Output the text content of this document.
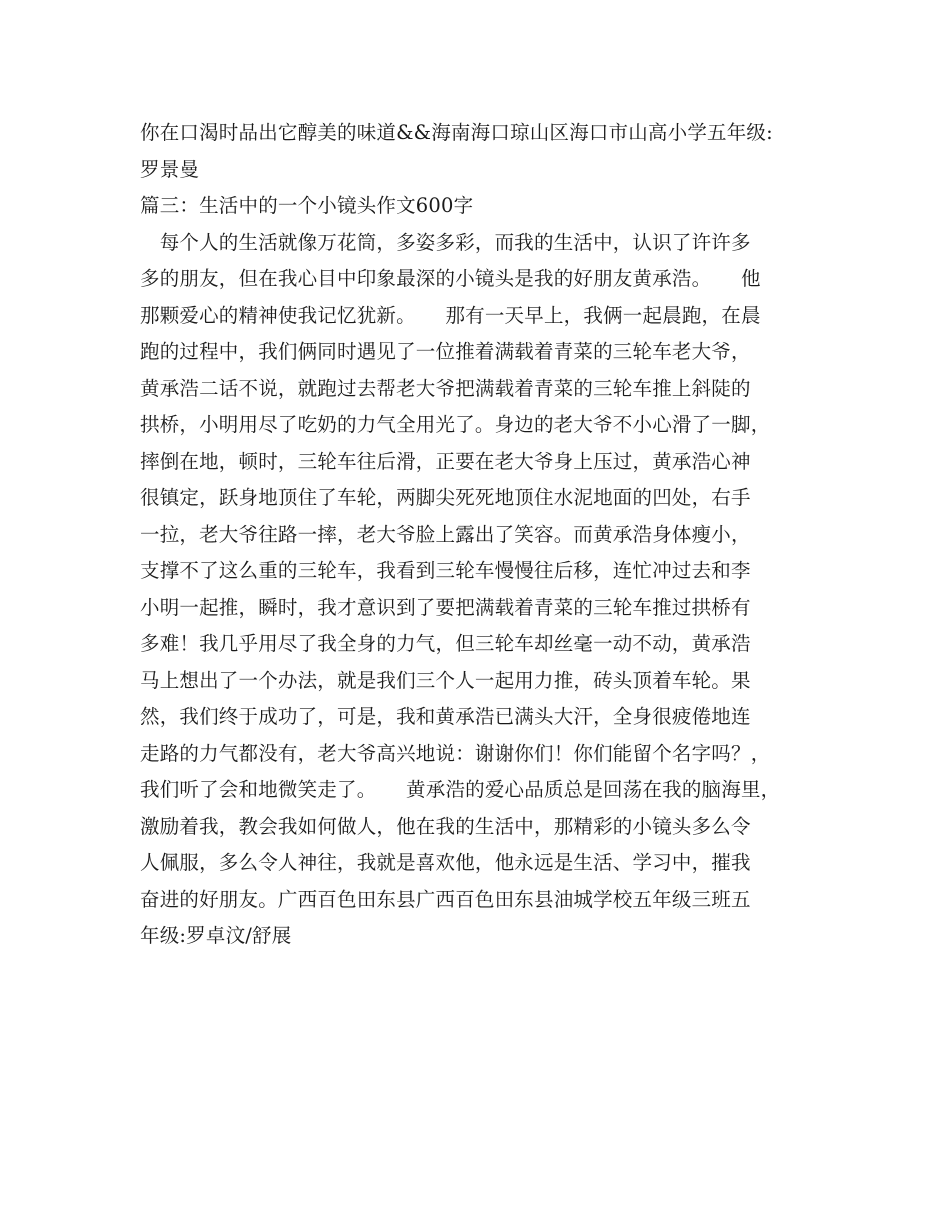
你在口渴时品出它醇美的味道&&海南海口琼山区海口市山高小学五年级:
罗景曼
篇三：生活中的一个小镜头作文600字
　每个人的生活就像万花筒，多姿多彩，而我的生活中，认识了许许多
多的朋友，但在我心目中印象最深的小镜头是我的好朋友黄承浩。　　他
那颗爱心的精神使我记忆犹新。　　那有一天早上，我俩一起晨跑，在晨
跑的过程中，我们俩同时遇见了一位推着满载着青菜的三轮车老大爷，
黄承浩二话不说，就跑过去帮老大爷把满载着青菜的三轮车推上斜陡的
拱桥，小明用尽了吃奶的力气全用光了。身边的老大爷不小心滑了一脚，
摔倒在地，顿时，三轮车往后滑，正要在老大爷身上压过，黄承浩心神
很镇定，跃身地顶住了车轮，两脚尖死死地顶住水泥地面的凹处，右手
一拉，老大爷往路一摔，老大爷脸上露出了笑容。而黄承浩身体瘦小，
支撑不了这么重的三轮车，我看到三轮车慢慢往后移，连忙冲过去和李
小明一起推，瞬时，我才意识到了要把满载着青菜的三轮车推过拱桥有
多难！我几乎用尽了我全身的力气，但三轮车却丝毫一动不动，黄承浩
马上想出了一个办法，就是我们三个人一起用力推，砖头顶着车轮。果
然，我们终于成功了，可是，我和黄承浩已满头大汗，全身很疲倦地连
走路的力气都没有，老大爷高兴地说：谢谢你们！你们能留个名字吗？，
我们听了会和地微笑走了。　　黄承浩的爱心品质总是回荡在我的脑海里，
激励着我，教会我如何做人，他在我的生活中，那精彩的小镜头多么令
人佩服，多么令人神往，我就是喜欢他，他永远是生活、学习中，摧我
奋进的好朋友。广西百色田东县广西百色田东县油城学校五年级三班五
年级:罗卓汶/舒展
